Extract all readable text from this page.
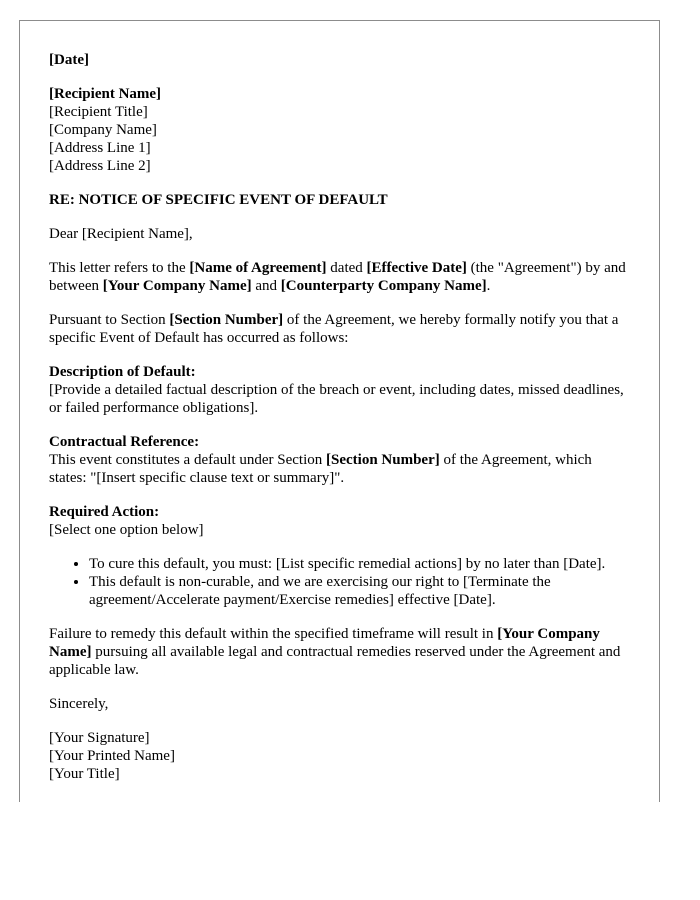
[Date]

[Recipient Name]
[Recipient Title]
[Company Name]
[Address Line 1]
[Address Line 2]

RE: NOTICE OF SPECIFIC EVENT OF DEFAULT

Dear [Recipient Name],

This letter refers to the [Name of Agreement] dated [Effective Date] (the "Agreement") by and between [Your Company Name] and [Counterparty Company Name].

Pursuant to Section [Section Number] of the Agreement, we hereby formally notify you that a specific Event of Default has occurred as follows:

Description of Default:
[Provide a detailed factual description of the breach or event, including dates, missed deadlines, or failed performance obligations].
Contractual Reference:
This event constitutes a default under Section [Section Number] of the Agreement, which states: "[Insert specific clause text or summary]".
Required Action:
[Select one option below]
• To cure this default, you must: [List specific remedial actions] by no later than [Date].
• This default is non-curable, and we are exercising our right to [Terminate the agreement/Accelerate payment/Exercise remedies] effective [Date].

Failure to remedy this default within the specified timeframe will result in [Your Company Name] pursuing all available legal and contractual remedies reserved under the Agreement and applicable law.

Sincerely,

[Your Signature]
[Your Printed Name]
[Your Title]
